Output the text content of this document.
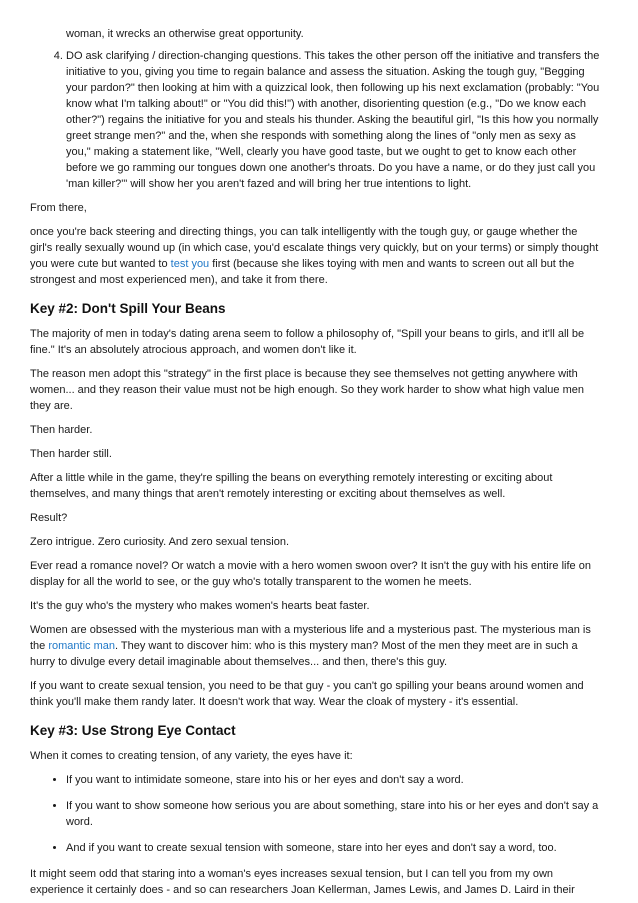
woman, it wrecks an otherwise great opportunity.
4. DO ask clarifying / direction-changing questions. This takes the other person off the initiative and transfers the initiative to you, giving you time to regain balance and assess the situation. Asking the tough guy, "Begging your pardon?" then looking at him with a quizzical look, then following up his next exclamation (probably: "You know what I'm talking about!" or "You did this!") with another, disorienting question (e.g., "Do we know each other?") regains the initiative for you and steals his thunder. Asking the beautiful girl, "Is this how you normally greet strange men?" and the, when she responds with something along the lines of "only men as sexy as you," making a statement like, "Well, clearly you have good taste, but we ought to get to know each other before we go ramming our tongues down one another's throats. Do you have a name, or do they just call you 'man killer?'" will show her you aren't fazed and will bring her true intentions to light.

From there,

once you're back steering and directing things, you can talk intelligently with the tough guy, or gauge whether the girl's really sexually wound up (in which case, you'd escalate things very quickly, but on your terms) or simply thought you were cute but wanted to test you first (because she likes toying with men and wants to screen out all but the strongest and most experienced men), and take it from there.

Key #2: Don't Spill Your Beans

The majority of men in today's dating arena seem to follow a philosophy of, "Spill your beans to girls, and it'll all be fine." It's an absolutely atrocious approach, and women don't like it.

The reason men adopt this "strategy" in the first place is because they see themselves not getting anywhere with women... and they reason their value must not be high enough. So they work harder to show what high value men they are.

Then harder.

Then harder still.

After a little while in the game, they're spilling the beans on everything remotely interesting or exciting about themselves, and many things that aren't remotely interesting or exciting about themselves as well.

Result?

Zero intrigue. Zero curiosity. And zero sexual tension.

Ever read a romance novel? Or watch a movie with a hero women swoon over? It isn't the guy with his entire life on display for all the world to see, or the guy who's totally transparent to the women he meets.

It's the guy who's the mystery who makes women's hearts beat faster.

Women are obsessed with the mysterious man with a mysterious life and a mysterious past. The mysterious man is the romantic man. They want to discover him: who is this mystery man? Most of the men they meet are in such a hurry to divulge every detail imaginable about themselves... and then, there's this guy.

If you want to create sexual tension, you need to be that guy - you can't go spilling your beans around women and think you'll make them randy later. It doesn't work that way. Wear the cloak of mystery - it's essential.

Key #3: Use Strong Eye Contact

When it comes to creating tension, of any variety, the eyes have it:

• If you want to intimidate someone, stare into his or her eyes and don't say a word.
• If you want to show someone how serious you are about something, stare into his or her eyes and don't say a word.
• And if you want to create sexual tension with someone, stare into her eyes and don't say a word, too.

It might seem odd that staring into a woman's eyes increases sexual tension, but I can tell you from my own experience it certainly does - and so can researchers Joan Kellerman, James Lewis, and James D. Laird in their
